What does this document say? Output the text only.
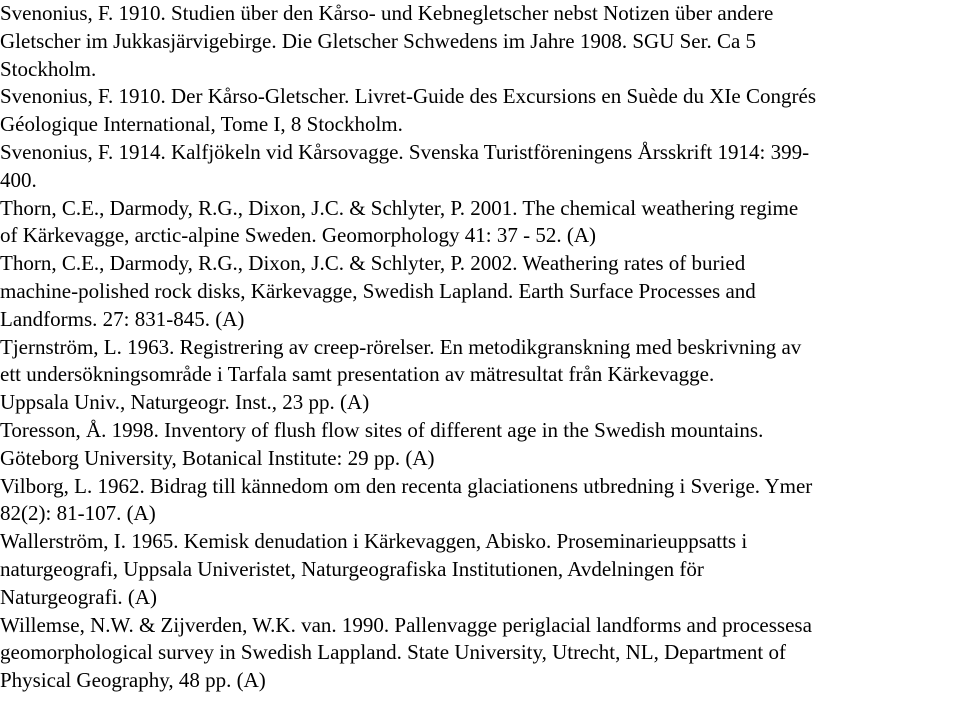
Svenonius, F. 1910. Studien über den Kårso- und Kebnegletscher nebst Notizen über andere
Gletscher im Jukkasjärvigebirge. Die Gletscher Schwedens im Jahre 1908. SGU Ser. Ca 5
Stockholm.
Svenonius, F. 1910. Der Kårso-Gletscher. Livret-Guide des Excursions en Suède du XIe Congrés
Géologique International, Tome I, 8 Stockholm.
Svenonius, F. 1914. Kalfjökeln vid Kårsovagge. Svenska Turistföreningens Årsskrift 1914: 399-
400.
Thorn, C.E., Darmody, R.G., Dixon, J.C. & Schlyter, P. 2001. The chemical weathering regime
of Kärkevagge, arctic-alpine Sweden. Geomorphology 41: 37 - 52. (A)
Thorn, C.E., Darmody, R.G., Dixon, J.C. & Schlyter, P. 2002. Weathering rates of buried
machine-polished rock disks, Kärkevagge, Swedish Lapland. Earth Surface Processes and
Landforms. 27: 831-845. (A)
Tjernström, L. 1963. Registrering av creep-rörelser. En metodikgranskning med beskrivning av
ett undersökningsområde i Tarfala samt presentation av mätresultat från Kärkevagge.
Uppsala Univ., Naturgeogr. Inst., 23 pp. (A)
Toresson, Å. 1998. Inventory of flush flow sites of different age in the Swedish mountains.
Göteborg University, Botanical Institute: 29 pp. (A)
Vilborg, L. 1962. Bidrag till kännedom om den recenta glaciationens utbredning i Sverige. Ymer
82(2): 81-107. (A)
Wallerström, I. 1965. Kemisk denudation i Kärkevaggen, Abisko. Proseminarieuppsatts i
naturgeografi, Uppsala Univeristet, Naturgeografiska Institutionen, Avdelningen för
Naturgeografi. (A)
Willemse, N.W. & Zijverden, W.K. van. 1990. Pallenvagge periglacial landforms and processesa
geomorphological survey in Swedish Lappland. State University, Utrecht, NL, Department of
Physical Geography, 48 pp. (A)
